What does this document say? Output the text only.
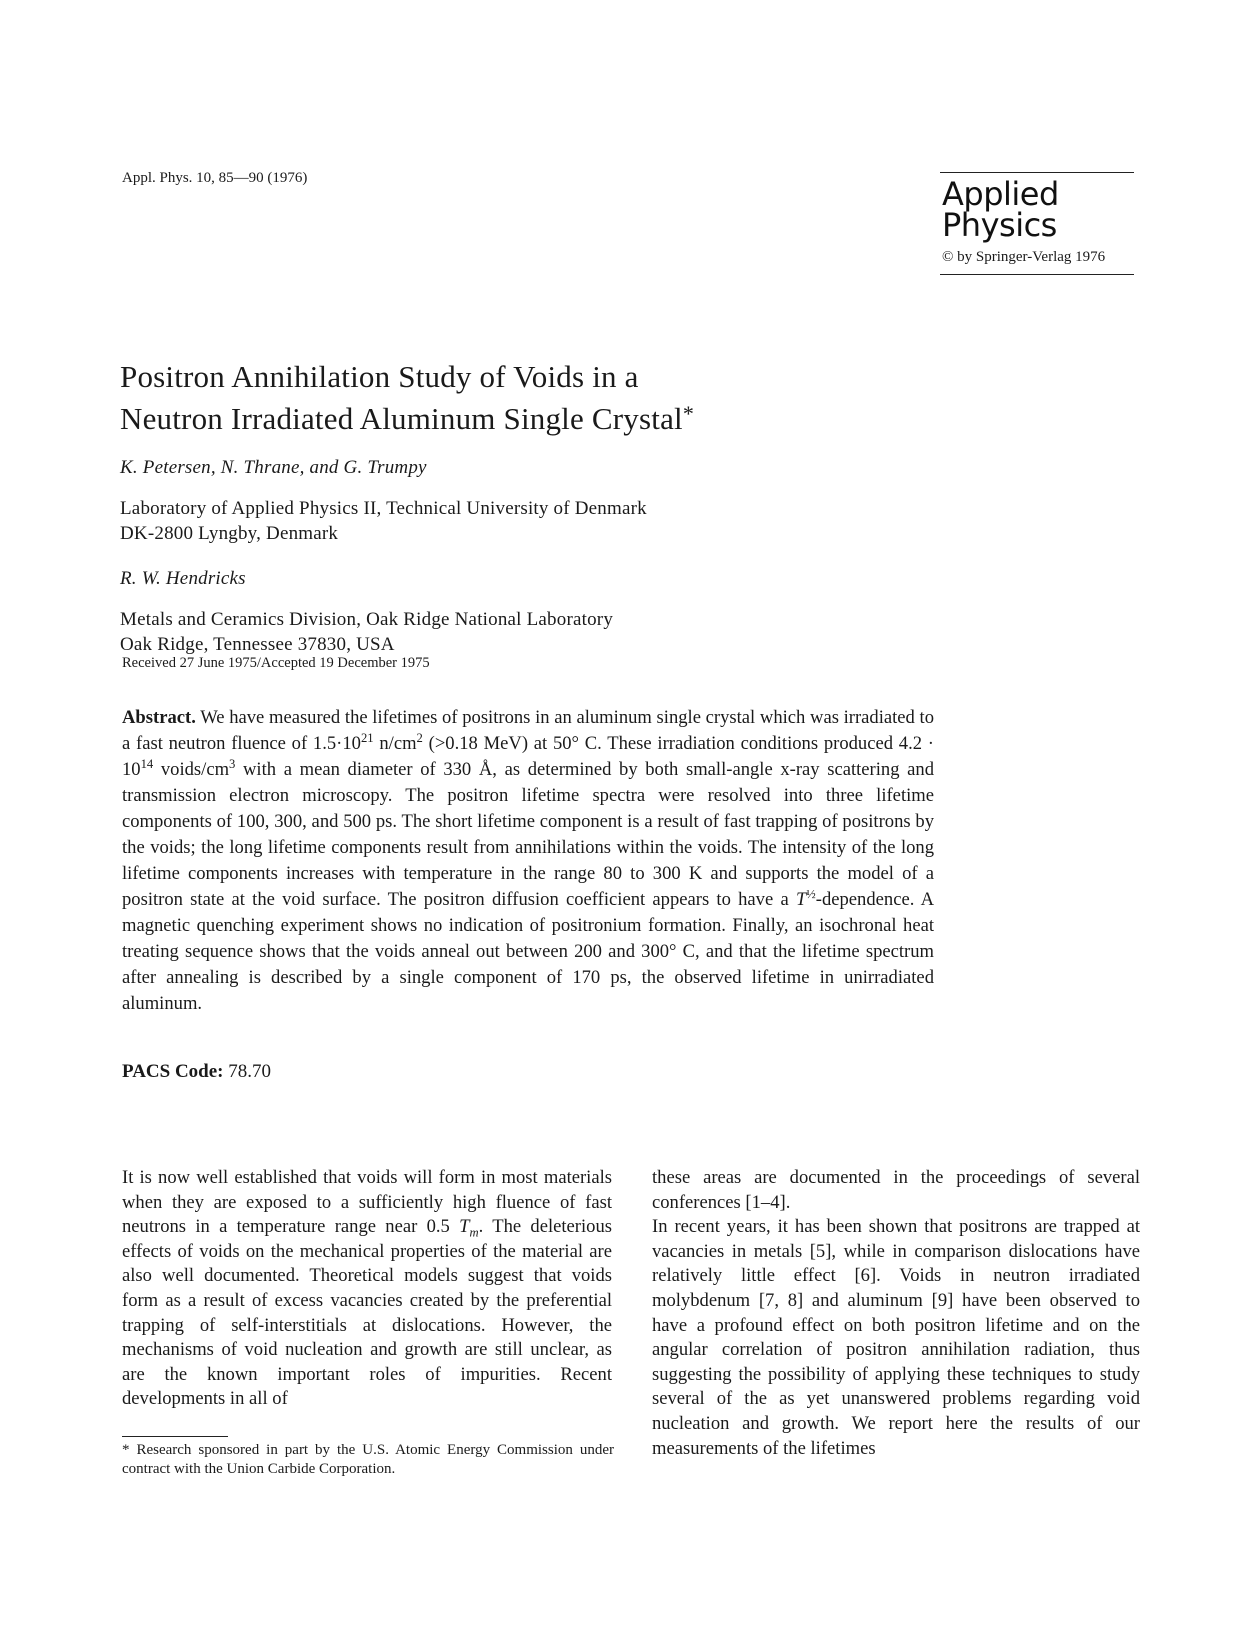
Appl. Phys. 10, 85—90 (1976)	Applied
Physics
© by Springer-Verlag 1976
Positron Annihilation Study of Voids in a
Neutron Irradiated Aluminum Single Crystal*
K. Petersen, N. Thrane, and G. Trumpy
Laboratory of Applied Physics II, Technical University of Denmark
DK-2800 Lyngby, Denmark
R. W. Hendricks
Metals and Ceramics Division, Oak Ridge National Laboratory
Oak Ridge, Tennessee 37830, USA
Received 27 June 1975/Accepted 19 December 1975
Abstract. We have measured the lifetimes of positrons in an aluminum single crystal which was irradiated to a fast neutron fluence of $1.5\cdot 10^{21}$ $n/cm^2$ (>0.18 MeV) at 50° C. These irradiation conditions produced $4.2 \cdot 10^{14}$ voids/$cm^3$ with a mean diameter of 330 Å, as determined by both small-angle x-ray scattering and transmission electron microscopy. The positron lifetime spectra were resolved into three lifetime components of 100, 300, and 500 ps. The short lifetime component is a result of fast trapping of positrons by the voids; the long lifetime components result from annihilations within the voids. The intensity of the long lifetime components increases with temperature in the range 80 to 300 K and supports the model of a positron state at the void surface. The positron diffusion coefficient appears to have a $T^{\frac{1}{2}}$-dependence. A magnetic quenching experiment shows no indication of positronium formation. Finally, an isochronal heat treating sequence shows that the voids anneal out between 200 and 300° C, and that the lifetime spectrum after annealing is described by a single component of 170 ps, the observed lifetime in unirradiated aluminum.
PACS Code: 78.70

It is now well established that voids will form in most materials when they are exposed to a sufficiently high fluence of fast neutrons in a temperature range near 0.5 $T_m$. The deleterious effects of voids on the mechanical properties of the material are also well documented. Theoretical models suggest that voids form as a result of excess vacancies created by the preferential trapping of self-interstitials at dislocations. However, the mechanisms of void nucleation and growth are still unclear, as are the known important roles of impurities. Recent developments in all of

* Research sponsored in part by the U.S. Atomic Energy Commission under contract with the Union Carbide Corporation.

these areas are documented in the proceedings of several conferences [1–4].

In recent years, it has been shown that positrons are trapped at vacancies in metals [5], while in comparison dislocations have relatively little effect [6]. Voids in neutron irradiated molybdenum [7, 8] and aluminum [9] have been observed to have a profound effect on both positron lifetime and on the angular correlation of positron annihilation radiation, thus suggesting the possibility of applying these techniques to study several of the as yet unanswered problems regarding void nucleation and growth. We report here the results of our measurements of the lifetimes
